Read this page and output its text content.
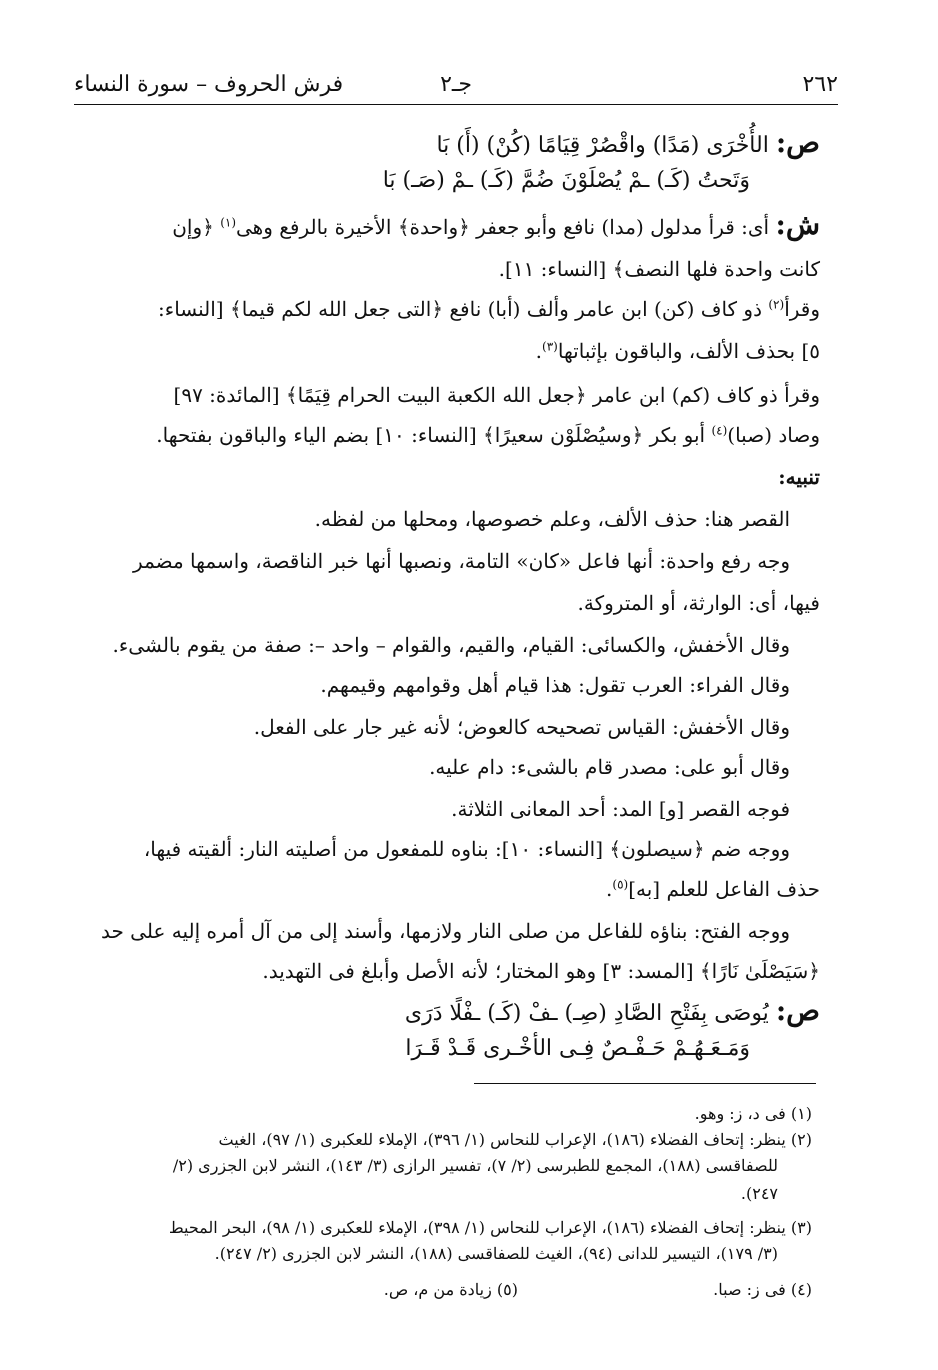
٢٦٢
جـ٢
فرش الحروف – سورة النساء
ص: الأُخْرَى (مَدًا) واقْصُرْ قِيَامًا (كُنْ) (أَ) بَا
وَتَحتُ (كَـ) ـمْ يُصْلَوْنَ ضُمَّ (كَـ) ـمْ (صَـ) بَا
ش: أى: قرأ مدلول (مدا) نافع وأبو جعفر ﴿واحدة﴾ الأخيرة بالرفع وهى$^{(١)}$ ﴿وإن
كانت واحدة فلها النصف﴾ [النساء: ١١].
وقرأ$^{(٢)}$ ذو كاف (كن) ابن عامر وألف (أبا) نافع ﴿التى جعل الله لكم قيما﴾ [النساء:
٥] بحذف الألف، والباقون بإثباتها$^{(٣)}$.
وقرأ ذو كاف (كم) ابن عامر ﴿جعل الله الكعبة البيت الحرام قِيَمًا﴾ [المائدة: ٩٧]
وصاد (صبا)$^{(٤)}$ أبو بكر ﴿وسيُصْلَوْن سعيرًا﴾ [النساء: ١٠] بضم الياء والباقون بفتحها.
تنبيه:
القصر هنا: حذف الألف، وعلم خصوصها، ومحلها من لفظه.
وجه رفع واحدة: أنها فاعل «كان» التامة، ونصبها أنها خبر الناقصة، واسمها مضمر
فيها، أى: الوارثة، أو المتروكة.
وقال الأخفش، والكسائى: القيام، والقيم، والقوام – واحد –: صفة من يقوم بالشىء.
وقال الفراء: العرب تقول: هذا قيام أهل وقوامهم وقيمهم.
وقال الأخفش: القياس تصحيحه كالعوض؛ لأنه غير جار على الفعل.
وقال أبو على: مصدر قام بالشىء: دام عليه.
فوجه القصر [و] المد: أحد المعانى الثلاثة.
ووجه ضم ﴿سيصلون﴾ [النساء: ١٠]: بناوه للمفعول من أصليته النار: ألقيته فيها،
حذف الفاعل للعلم [به]$^{(٥)}$.
ووجه الفتح: بناؤه للفاعل من صلى النار ولازمها، وأسند إلى من آل أمره إليه على حد
﴿سَيَصْلَىٰ نَارًا﴾ [المسد: ٣] وهو المختار؛ لأنه الأصل وأبلغ فى التهديد.
ص: يُوصَى بِفَتْحِ الصَّادِ (صِـ) ـفْ (كَـ) ـفْلًا دَرَى
وَمَـعَـهُـمْ حَـفْـصٌ فِـى الأخْـرى قَـدْ قَـرَا
(١) فى د، ز: وهو.
(٢) ينظر: إتحاف الفضلاء (١٨٦)، الإعراب للنحاس (١/ ٣٩٦)، الإملاء للعكبرى (١/ ٩٧)، الغيث
للصفاقسى (١٨٨)، المجمع للطبرسى (٢/ ٧)، تفسير الرازى (٣/ ١٤٣)، النشر لابن الجزرى (٢/
٢٤٧).
(٣) ينظر: إتحاف الفضلاء (١٨٦)، الإعراب للنحاس (١/ ٣٩٨)، الإملاء للعكبرى (١/ ٩٨)، البحر المحيط
(٣/ ١٧٩)، التيسير للدانى (٩٤)، الغيث للصفاقسى (١٨٨)، النشر لابن الجزرى (٢/ ٢٤٧).
(٤) فى ز: صبا.
(٥) زيادة من م، ص.
